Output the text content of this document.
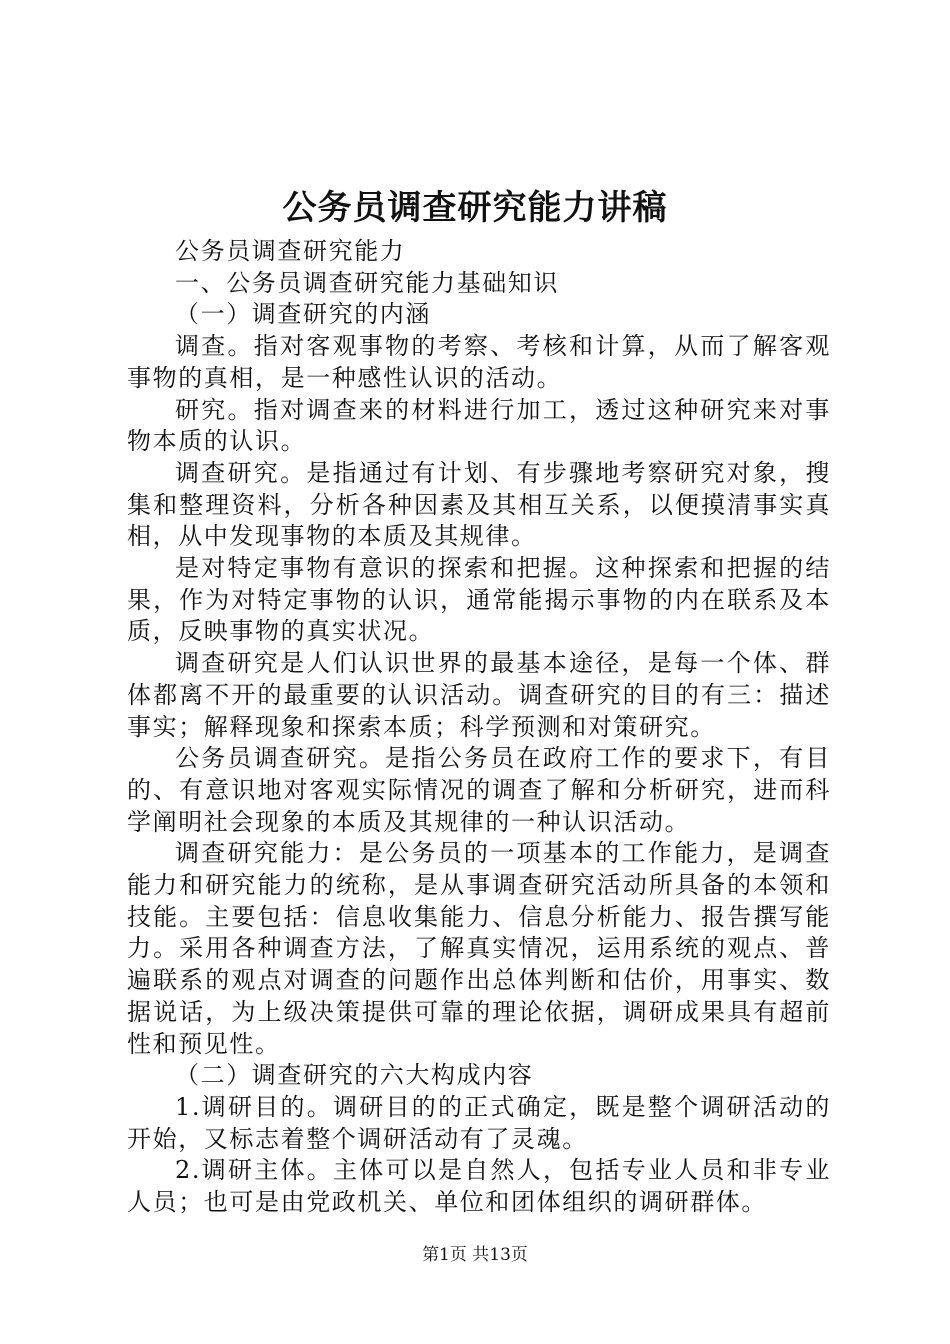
公务员调查研究能力讲稿

公务员调查研究能力

一、公务员调查研究能力基础知识

（一）调查研究的内涵

调查。指对客观事物的考察、考核和计算，从而了解客观事物的真相，是一种感性认识的活动。

研究。指对调查来的材料进行加工，透过这种研究来对事物本质的认识。

调查研究。是指通过有计划、有步骤地考察研究对象，搜集和整理资料，分析各种因素及其相互关系，以便摸清事实真相，从中发现事物的本质及其规律。

是对特定事物有意识的探索和把握。这种探索和把握的结果，作为对特定事物的认识，通常能揭示事物的内在联系及本质，反映事物的真实状况。

调查研究是人们认识世界的最基本途径，是每一个体、群体都离不开的最重要的认识活动。调查研究的目的有三：描述事实；解释现象和探索本质；科学预测和对策研究。

公务员调查研究。是指公务员在政府工作的要求下，有目的、有意识地对客观实际情况的调查了解和分析研究，进而科学阐明社会现象的本质及其规律的一种认识活动。

调查研究能力：是公务员的一项基本的工作能力，是调查能力和研究能力的统称，是从事调查研究活动所具备的本领和技能。主要包括：信息收集能力、信息分析能力、报告撰写能力。采用各种调查方法，了解真实情况，运用系统的观点、普遍联系的观点对调查的问题作出总体判断和估价，用事实、数据说话，为上级决策提供可靠的理论依据，调研成果具有超前性和预见性。

（二）调查研究的六大构成内容

1.调研目的。调研目的的正式确定，既是整个调研活动的开始，又标志着整个调研活动有了灵魂。

2.调研主体。主体可以是自然人，包括专业人员和非专业人员；也可是由党政机关、单位和团体组织的调研群体。

第1页 共13页
